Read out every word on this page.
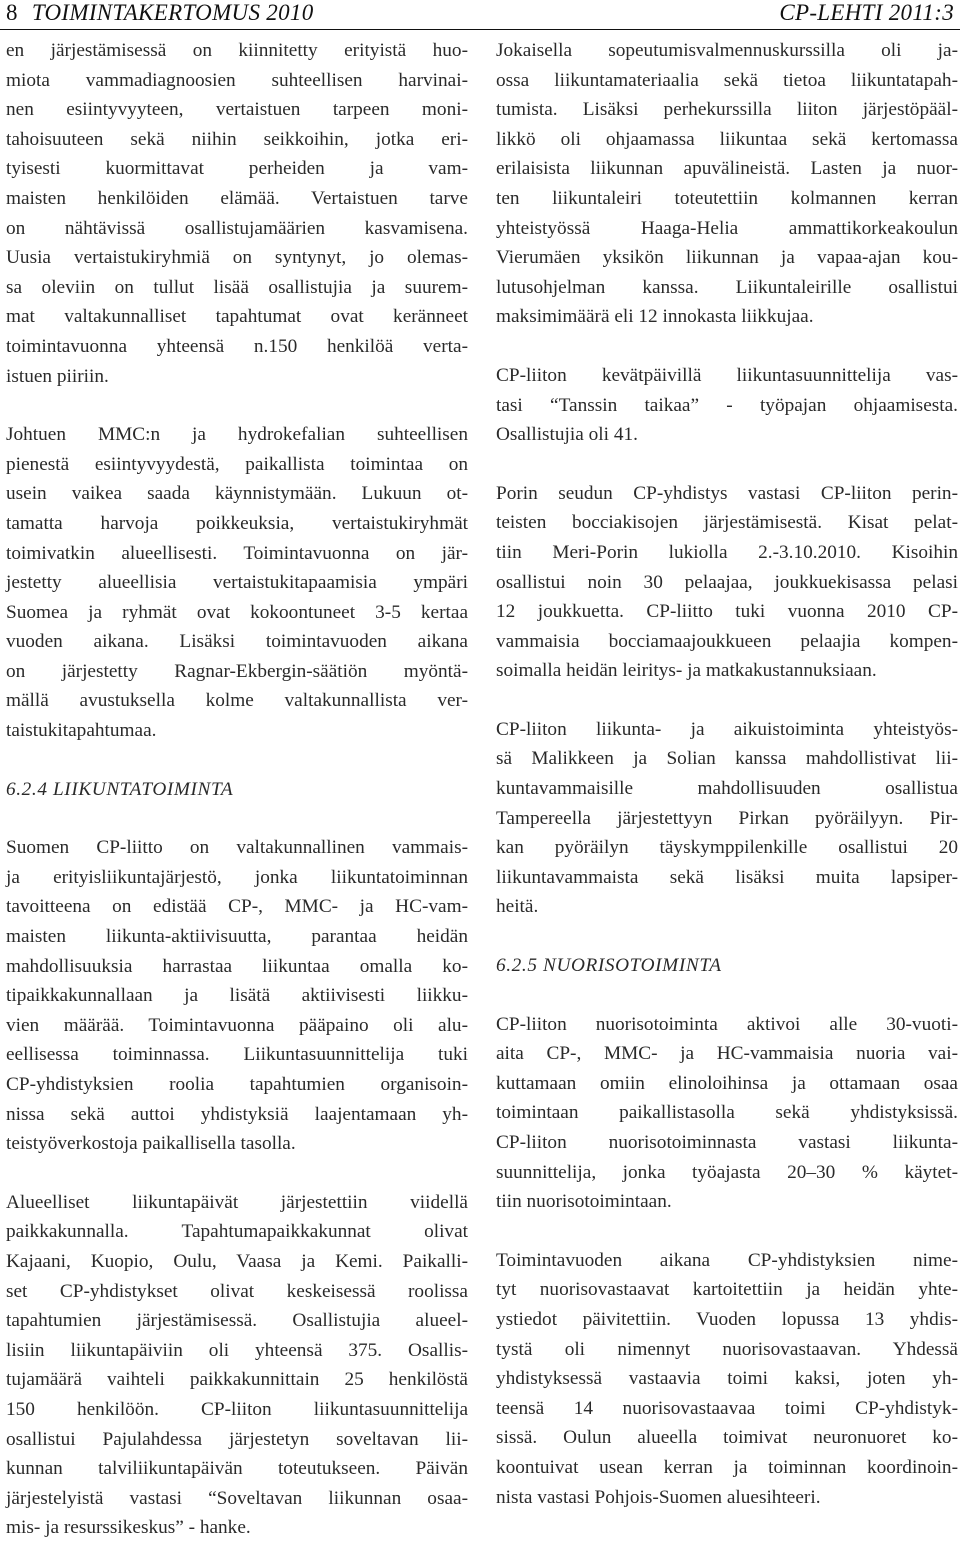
8 TOIMINTAKERTOMUS 2010	CP-LEHTI 2011:3
en järjestämisessä on kiinnitetty erityistä huo-
miota vammadiagnoosien suhteellisen harvinai-
nen esiintyvyyteen, vertaistuen tarpeen moni-
tahoisuuteen sekä niihin seikkoihin, jotka eri-
tyisesti kuormittavat perheiden ja vam-
maisten henkilöiden elämää. Vertaistuen tarve
on nähtävissä osallistujamäärien kasvamisena.
Uusia vertaistukiryhmiä on syntynyt, jo olemas-
sa oleviin on tullut lisää osallistujia ja suurem-
mat valtakunnalliset tapahtumat ovat keränneet
toimintavuonna yhteensä n.150 henkilöä verta-
istuen piiriin.
Johtuen MMC:n ja hydrokefalian suhteellisen
pienestä esiintyvyydestä, paikallista toimintaa on
usein vaikea saada käynnistymään. Lukuun ot-
tamatta harvoja poikkeuksia, vertaistukiryhmät
toimivatkin alueellisesti. Toimintavuonna on jär-
jestetty alueellisia vertaistukitapaamisia ympäri
Suomea ja ryhmät ovat kokoontuneet 3-5 kertaa
vuoden aikana. Lisäksi toimintavuoden aikana
on järjestetty Ragnar-Ekbergin-säätiön myöntä-
mällä avustuksella kolme valtakunnallista ver-
taistukitapahtumaa.
6.2.4 LIIKUNTATOIMINTA
Suomen CP-liitto on valtakunnallinen vammais-
ja erityisliikuntajärjestö, jonka liikuntatoiminnan
tavoitteena on edistää CP-, MMC- ja HC-vam-
maisten liikunta-aktiivisuutta, parantaa heidän
mahdollisuuksia harrastaa liikuntaa omalla ko-
tipaikkakunnallaan ja lisätä aktiivisesti liikku-
vien määrää. Toimintavuonna pääpaino oli alu-
eellisessa toiminnassa. Liikuntasuunnittelija tuki
CP-yhdistyksien roolia tapahtumien organisoin-
nissa sekä auttoi yhdistyksiä laajentamaan yh-
teistyöverkostoja paikallisella tasolla.
Alueelliset liikuntapäivät järjestettiin viidellä
paikkakunnalla. Tapahtumapaikkakunnat olivat
Kajaani, Kuopio, Oulu, Vaasa ja Kemi. Paikalli-
set CP-yhdistykset olivat keskeisessä roolissa
tapahtumien järjestämisessä. Osallistujia alueel-
lisiin liikuntapäiviin oli yhteensä 375. Osallis-
tujamäärä vaihteli paikkakunnittain 25 henkilöstä
150 henkilöön. CP-liiton liikuntasuunnittelija
osallistui Pajulahdessa järjestetyn soveltavan lii-
kunnan talviliikuntapäivän toteutukseen. Päivän
järjestelyistä vastasi “Soveltavan liikunnan osaa-
mis- ja resurssikeskus” - hanke.
Jokaisella sopeutumisvalmennuskurssilla oli ja-
ossa liikuntamateriaalia sekä tietoa liikuntatapah-
tumista. Lisäksi perhekurssilla liiton järjestöpääl-
likkö oli ohjaamassa liikuntaa sekä kertomassa
erilaisista liikunnan apuvälineistä. Lasten ja nuor-
ten liikuntaleiri toteutettiin kolmannen kerran
yhteistyössä Haaga-Helia ammattikorkeakoulun
Vierumäen yksikön liikunnan ja vapaa-ajan kou-
lutusohjelman kanssa. Liikuntaleirille osallistui
maksimimäärä eli 12 innokasta liikkujaa.
CP-liiton kevätpäivillä liikuntasuunnittelija vas-
tasi “Tanssin taikaa” - työpajan ohjaamisesta.
Osallistujia oli 41.
Porin seudun CP-yhdistys vastasi CP-liiton perin-
teisten bocciakisojen järjestämisestä. Kisat pelat-
tiin Meri-Porin lukiolla 2.-3.10.2010. Kisoihin
osallistui noin 30 pelaajaa, joukkuekisassa pelasi
12 joukkuetta. CP-liitto tuki vuonna 2010 CP-
vammaisia bocciamaajoukkueen pelaajia kompen-
soimalla heidän leiritys- ja matkakustannuksiaan.
CP-liiton liikunta- ja aikuistoiminta yhteistyös-
sä Malikkeen ja Solian kanssa mahdollistivat lii-
kuntavammaisille mahdollisuuden osallistua
Tampereella järjestettyyn Pirkan pyöräilyyn. Pir-
kan pyöräilyn täyskymppilenkille osallistui 20
liikuntavammaista sekä lisäksi muita lapsiper-
heitä.
6.2.5 NUORISOTOIMINTA
CP-liiton nuorisotoiminta aktivoi alle 30-vuoti-
aita CP-, MMC- ja HC-vammaisia nuoria vai-
kuttamaan omiin elinoloihinsa ja ottamaan osaa
toimintaan paikallistasolla sekä yhdistyksissä.
CP-liiton nuorisotoiminnasta vastasi liikunta-
suunnittelija, jonka työajasta 20–30 % käytet-
tiin nuorisotoimintaan.
Toimintavuoden aikana CP-yhdistyksien nime-
tyt nuorisovastaavat kartoitettiin ja heidän yhte-
ystiedot päivitettiin. Vuoden lopussa 13 yhdis-
tystä oli nimennyt nuorisovastaavan. Yhdessä
yhdistyksessä vastaavia toimi kaksi, joten yh-
teensä 14 nuorisovastaavaa toimi CP-yhdistyk-
sissä. Oulun alueella toimivat neuronuoret ko-
koontuivat usean kerran ja toiminnan koordinoin-
nista vastasi Pohjois-Suomen aluesihteeri.
